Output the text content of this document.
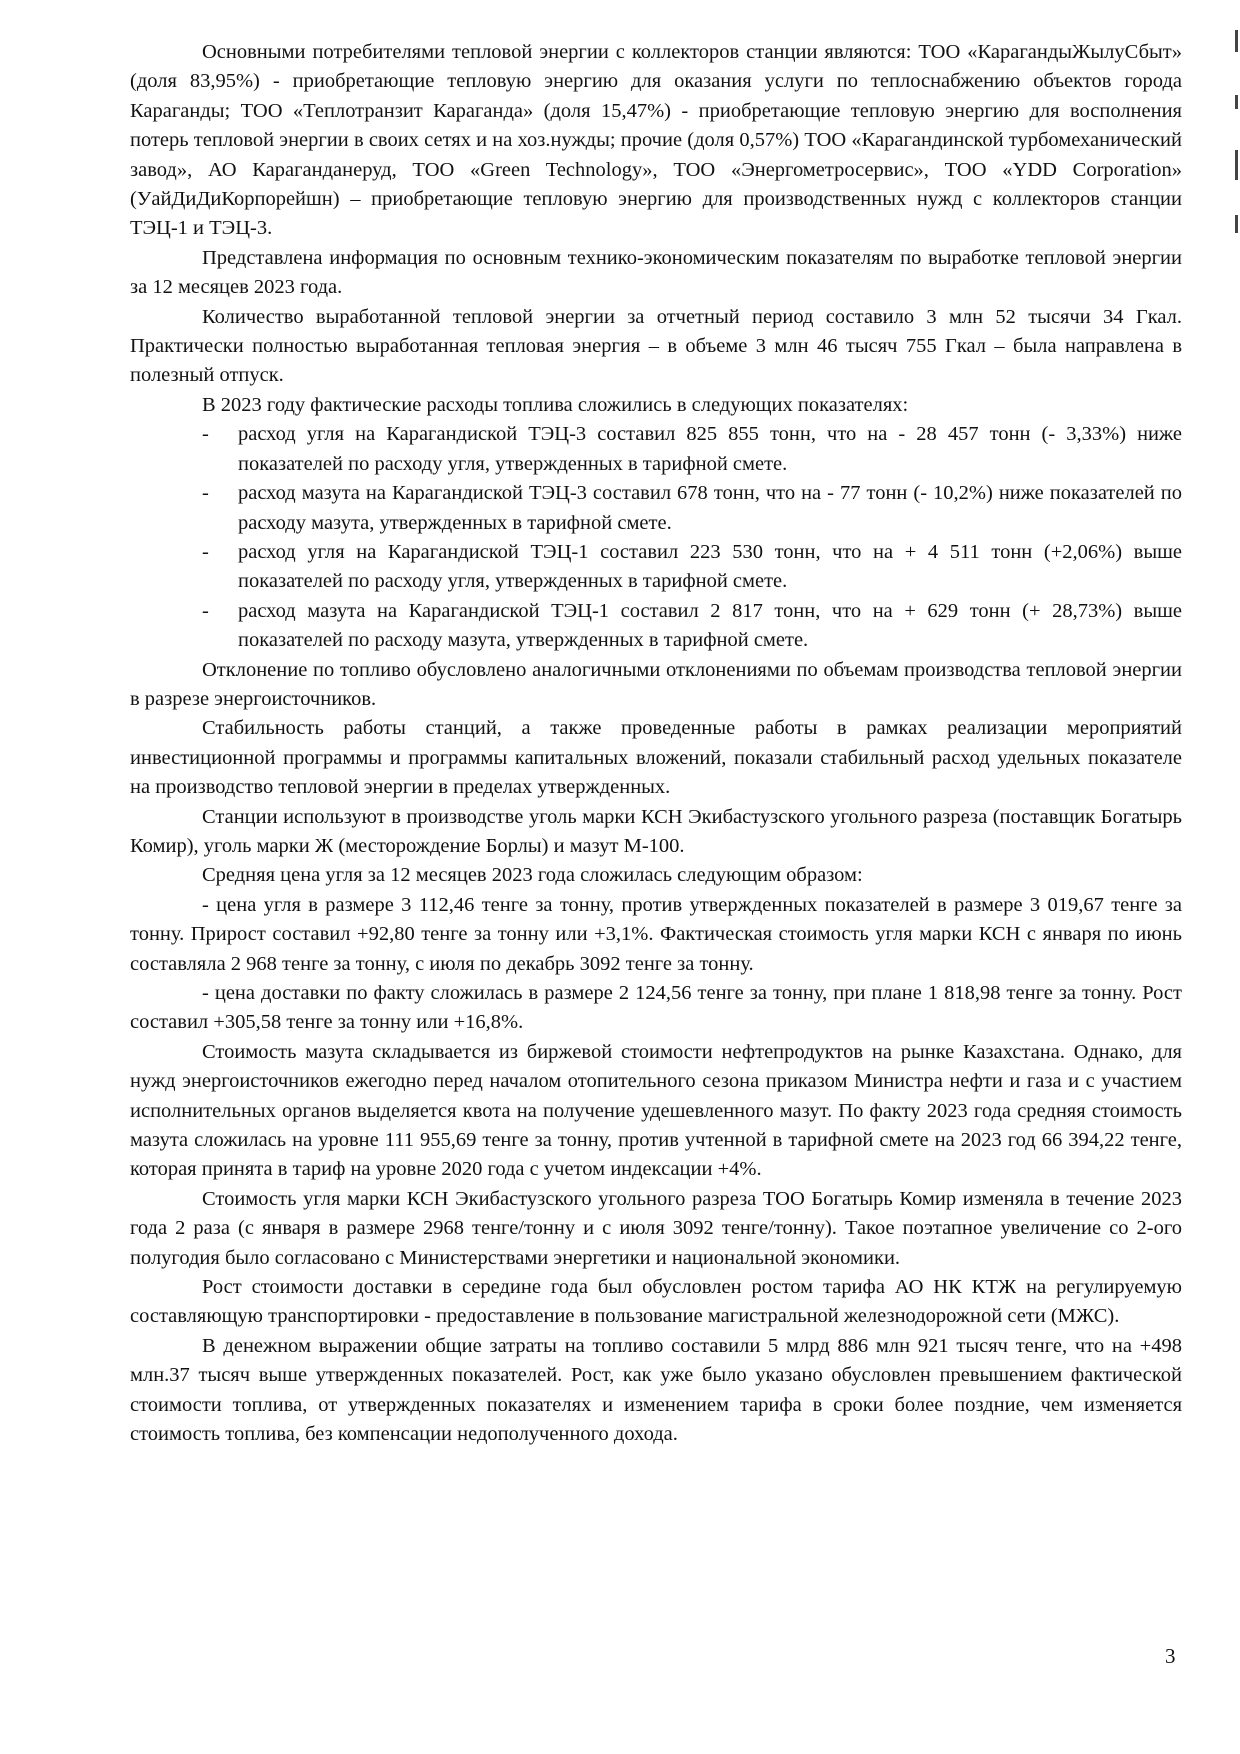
Основными потребителями тепловой энергии с коллекторов станции являются: ТОО «КарагандыЖылуСбыт» (доля 83,95%) - приобретающие тепловую энергию для оказания услуги по теплоснабжению объектов города Караганды; ТОО «Теплотранзит Караганда» (доля 15,47%) - приобретающие тепловую энергию для восполнения потерь тепловой энергии в своих сетях и на хоз.нужды; прочие (доля 0,57%) ТОО «Карагандинской турбомеханический завод», АО Карагандaнеруд, ТОО «Green Technology», ТОО «Энергометросервис», ТОО «YDD Corporation» (УайДиДиКорпорейшн) – приобретающие тепловую энергию для производственных нужд с коллекторов станции ТЭЦ-1 и ТЭЦ-3.

Представлена информация по основным технико-экономическим показателям по выработке тепловой энергии за 12 месяцев 2023 года.

Количество выработанной тепловой энергии за отчетный период составило 3 млн 52 тысячи 34 Гкал. Практически полностью выработанная тепловая энергия – в объеме 3 млн 46 тысяч 755 Гкал – была направлена в полезный отпуск.

В 2023 году фактические расходы топлива сложились в следующих показателях:

- расход угля на Карагандиской ТЭЦ-3 составил 825 855 тонн, что на - 28 457 тонн (- 3,33%) ниже показателей по расходу угля, утвержденных в тарифной смете.
- расход мазута на Карагандиской ТЭЦ-3 составил 678 тонн, что на - 77 тонн (- 10,2%) ниже показателей по расходу мазута, утвержденных в тарифной смете.
- расход угля на Карагандиской ТЭЦ-1 составил 223 530 тонн, что на + 4 511 тонн (+2,06%) выше показателей по расходу угля, утвержденных в тарифной смете.
- расход мазута на Карагандиской ТЭЦ-1 составил 2 817 тонн, что на + 629 тонн (+ 28,73%) выше показателей по расходу мазута, утвержденных в тарифной смете.

Отклонение по топливо обусловлено аналогичными отклонениями по объемам производства тепловой энергии в разрезе энергоисточников.

Стабильность работы станций, а также проведенные работы в рамках реализации мероприятий инвестиционной программы и программы капитальных вложений, показали стабильный расход удельных показателе на производство тепловой энергии в пределах утвержденных.

Станции используют в производстве уголь марки КСН Экибастузского угольного разреза (поставщик Богатырь Комир), уголь марки Ж (месторождение Борлы) и мазут М-100.

Средняя цена угля за 12 месяцев 2023 года сложилась следующим образом:

- цена угля в размере 3 112,46 тенге за тонну, против утвержденных показателей в размере 3 019,67 тенге за тонну. Прирост составил +92,80 тенге за тонну или +3,1%. Фактическая стоимость угля марки КСН с января по июнь составляла 2 968 тенге за тонну, с июля по декабрь 3092 тенге за тонну.

- цена доставки по факту сложилась в размере 2 124,56 тенге за тонну, при плане 1 818,98 тенге за тонну. Рост составил +305,58 тенге за тонну или +16,8%.

Стоимость мазута складывается из биржевой стоимости нефтепродуктов на рынке Казахстана. Однако, для нужд энергоисточников ежегодно перед началом отопительного сезона приказом Министра нефти и газа и с участием исполнительных органов выделяется квота на получение удешевленного мазут. По факту 2023 года средняя стоимость мазута сложилась на уровне 111 955,69 тенге за тонну, против учтенной в тарифной смете на 2023 год 66 394,22 тенге, которая принята в тариф на уровне 2020 года с учетом индексации +4%.

Стоимость угля марки КСН Экибастузского угольного разреза ТОО Богатырь Комир изменяла в течение 2023 года 2 раза (с января в размере 2968 тенге/тонну и с июля 3092 тенге/тонну). Такое поэтапное увеличение со 2-ого полугодия было согласовано с Министерствами энергетики и национальной экономики.

Рост стоимости доставки в середине года был обусловлен ростом тарифа АО НК КТЖ на регулируемую составляющую транспортировки - предоставление в пользование магистральной железнодорожной сети (МЖС).

В денежном выражении общие затраты на топливо составили 5 млрд 886 млн 921 тысяч тенге, что на +498 млн.37 тысяч выше утвержденных показателей. Рост, как уже было указано обусловлен превышением фактической стоимости топлива, от утвержденных показателях и изменением тарифа в сроки более поздние, чем изменяется стоимость топлива, без компенсации недополученного дохода.

3
